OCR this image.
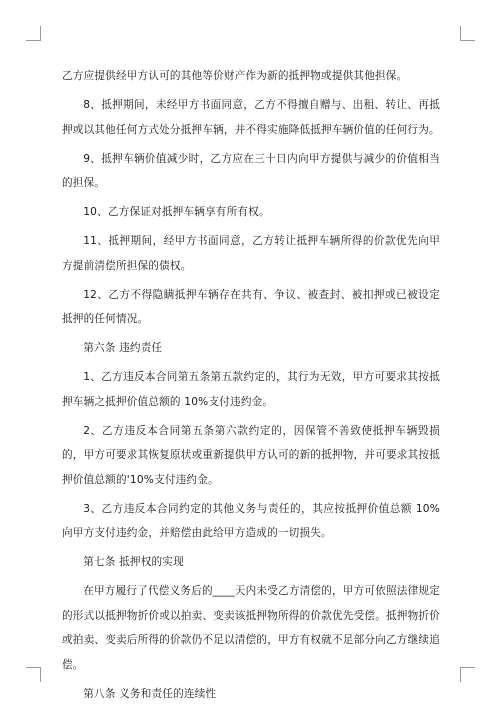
乙方应提供经甲方认可的其他等价财产作为新的抵押物或提供其他担保。

8、抵押期间，未经甲方书面同意，乙方不得擅自赠与、出租、转让、再抵押或以其他任何方式处分抵押车辆，并不得实施降低抵押车辆价值的任何行为。

9、抵押车辆价值减少时，乙方应在三十日内向甲方提供与减少的价值相当的担保。

10、乙方保证对抵押车辆享有所有权。

11、抵押期间，经甲方书面同意，乙方转让抵押车辆所得的价款优先向甲方提前清偿所担保的债权。

12、乙方不得隐瞒抵押车辆存在共有、争议、被查封、被扣押或已被设定抵押的任何情况。

第六条 违约责任

1、乙方违反本合同第五条第五款约定的，其行为无效，甲方可要求其按抵押车辆之抵押价值总额的 10%支付违约金。

2、乙方违反本合同第五条第六款约定的，因保管不善致使抵押车辆毁损的，甲方可要求其恢复原状或重新提供甲方认可的新的抵押物，并可要求其按抵押价值总额的'10%支付违约金。

3、乙方违反本合同约定的其他义务与责任的，其应按抵押价值总额 10%向甲方支付违约金，并赔偿由此给甲方造成的一切损失。

第七条 抵押权的实现

在甲方履行了代偿义务后的____天内未受乙方清偿的，甲方可依照法律规定的形式以抵押物折价或以拍卖、变卖该抵押物所得的价款优先受偿。抵押物折价或拍卖、变卖后所得的价款仍不足以清偿的，甲方有权就不足部分向乙方继续追偿。

第八条 义务和责任的连续性
